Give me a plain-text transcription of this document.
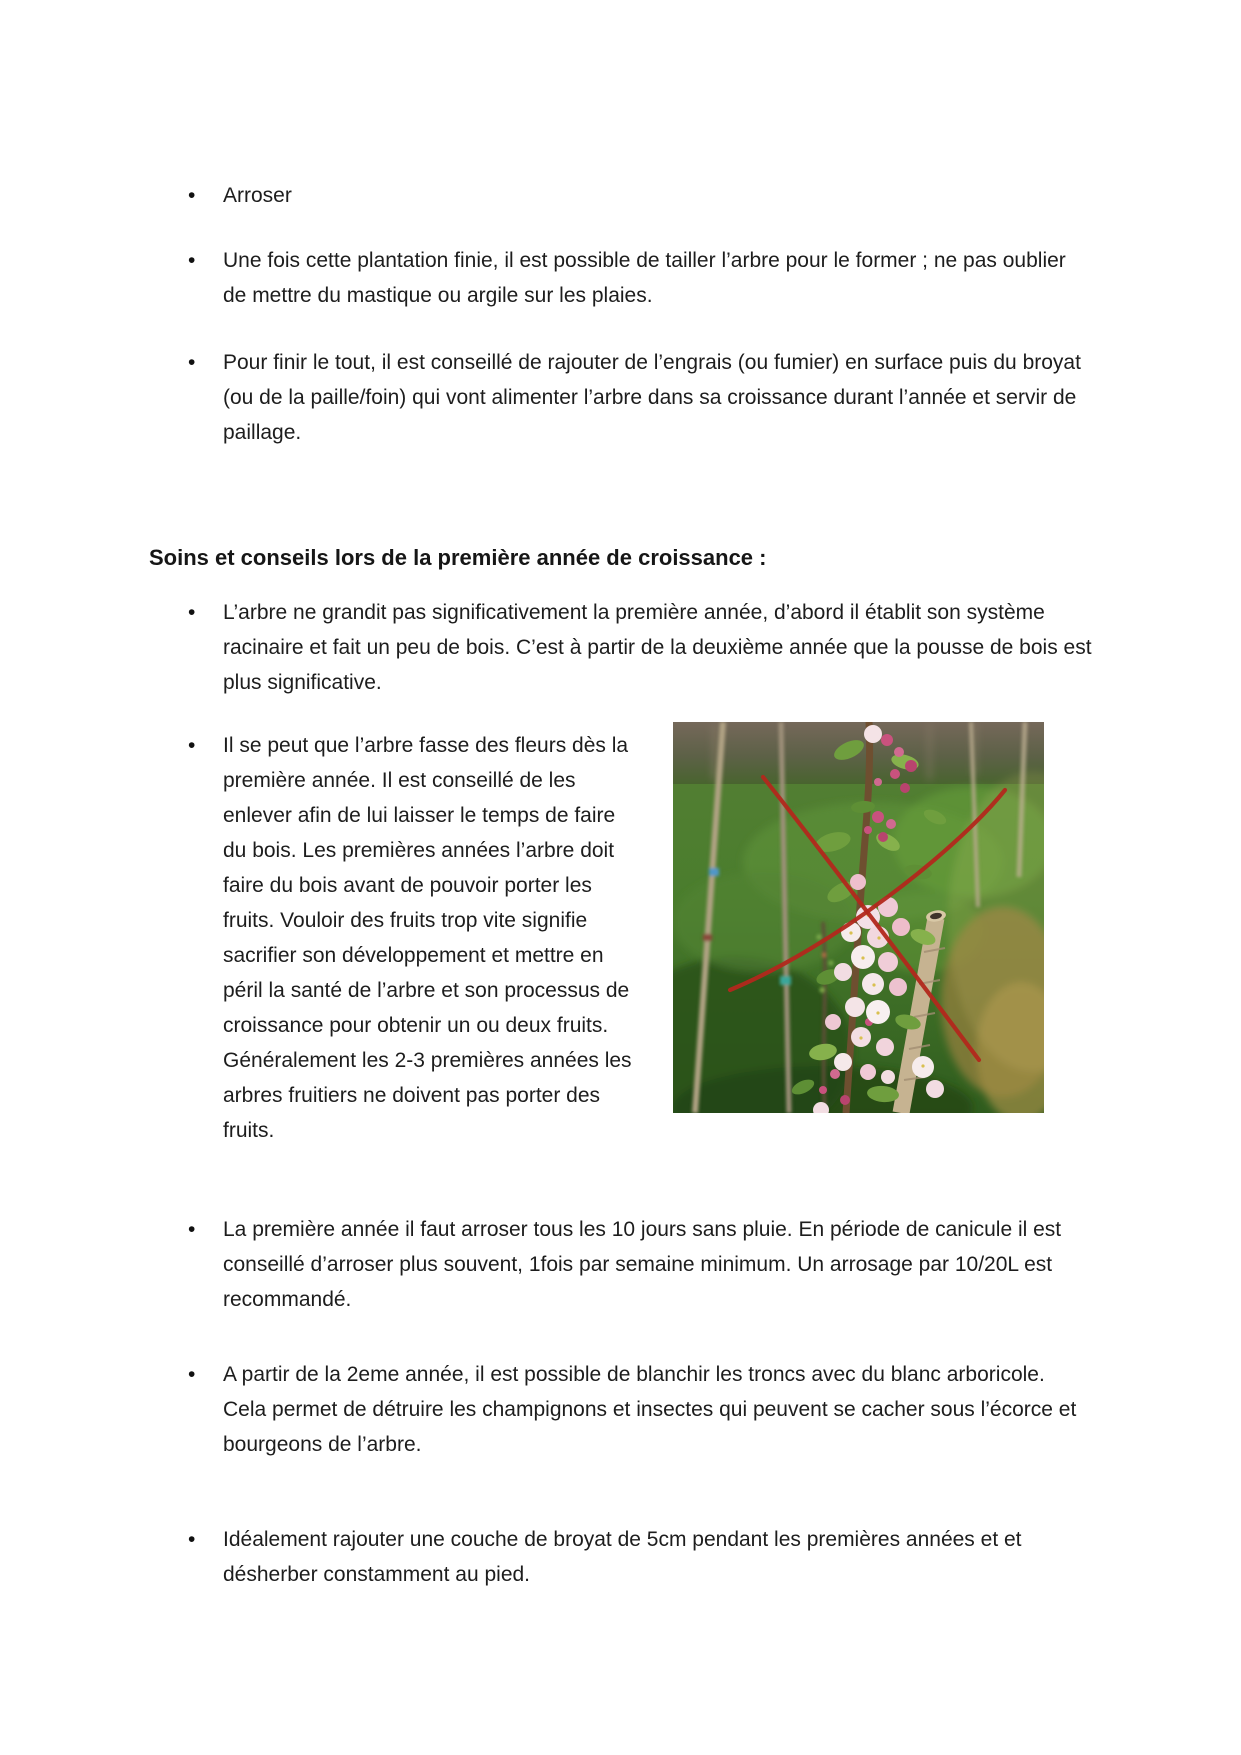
• Arroser
• Une fois cette plantation finie, il est possible de tailler l’arbre pour le former ; ne pas oublier de mettre du mastique ou argile sur les plaies.
• Pour finir le tout, il est conseillé de rajouter de l’engrais (ou fumier) en surface puis du broyat (ou de la paille/foin) qui vont alimenter l’arbre dans sa croissance durant l’année et servir de paillage.
Soins et conseils lors de la première année de croissance :
• L’arbre ne grandit pas significativement la première année, d’abord il établit son système racinaire et fait un peu de bois. C’est à partir de la deuxième année que la pousse de bois est plus significative.
• Il se peut que l’arbre fasse des fleurs dès la première année. Il est conseillé de les enlever afin de lui laisser le temps de faire du bois. Les premières années l’arbre doit faire du bois avant de pouvoir porter les fruits. Vouloir des fruits trop vite signifie sacrifier son développement et mettre en péril la santé de l’arbre et son processus de croissance pour obtenir un ou deux fruits. Généralement les 2-3 premières années les arbres fruitiers ne doivent pas porter des fruits.
• La première année il faut arroser tous les 10 jours sans pluie. En période de canicule il est conseillé d’arroser plus souvent, 1fois par semaine minimum. Un arrosage par 10/20L est recommandé.
• A partir de la 2eme année, il est possible de blanchir les troncs avec du blanc arboricole. Cela permet de détruire les champignons et insectes qui peuvent se cacher sous l’écorce et bourgeons de l’arbre.
• Idéalement rajouter une couche de broyat de 5cm pendant les premières années et et désherber constamment au pied.
